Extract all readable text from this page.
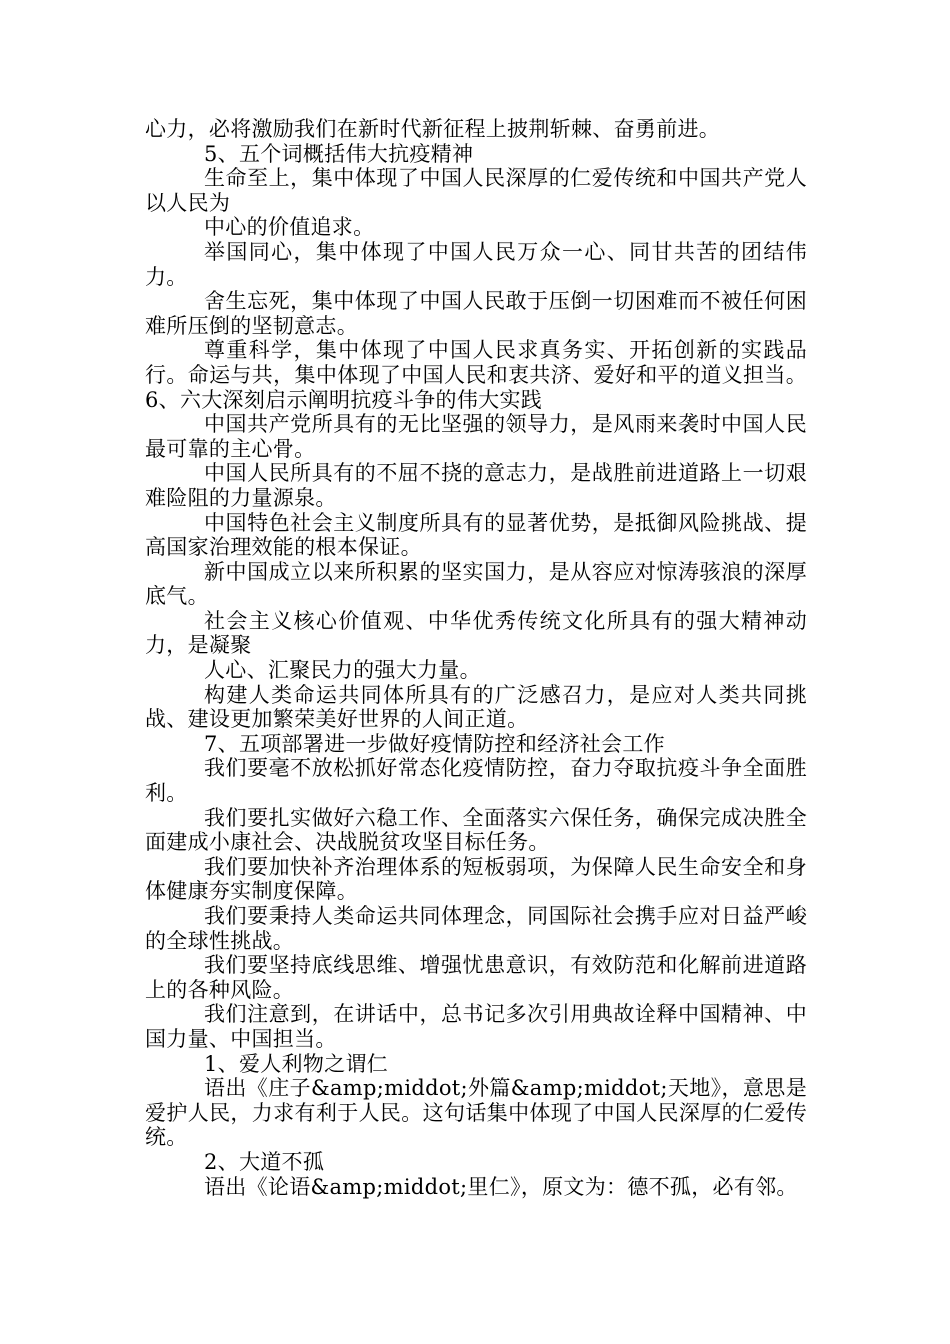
心力，必将激励我们在新时代新征程上披荆斩棘、奋勇前进。

5、五个词概括伟大抗疫精神

生命至上，集中体现了中国人民深厚的仁爱传统和中国共产党人以人民为

中心的价值追求。

举国同心，集中体现了中国人民万众一心、同甘共苦的团结伟力。

舍生忘死，集中体现了中国人民敢于压倒一切困难而不被任何困难所压倒的坚韧意志。

尊重科学，集中体现了中国人民求真务实、开拓创新的实践品行。命运与共，集中体现了中国人民和衷共济、爱好和平的道义担当。6、六大深刻启示阐明抗疫斗争的伟大实践

中国共产党所具有的无比坚强的领导力，是风雨来袭时中国人民最可靠的主心骨。

中国人民所具有的不屈不挠的意志力，是战胜前进道路上一切艰难险阻的力量源泉。

中国特色社会主义制度所具有的显著优势，是抵御风险挑战、提高国家治理效能的根本保证。

新中国成立以来所积累的坚实国力，是从容应对惊涛骇浪的深厚底气。

社会主义核心价值观、中华优秀传统文化所具有的强大精神动力，是凝聚

人心、汇聚民力的强大力量。

构建人类命运共同体所具有的广泛感召力，是应对人类共同挑战、建设更加繁荣美好世界的人间正道。

7、五项部署进一步做好疫情防控和经济社会工作

我们要毫不放松抓好常态化疫情防控，奋力夺取抗疫斗争全面胜利。

我们要扎实做好六稳工作、全面落实六保任务，确保完成决胜全面建成小康社会、决战脱贫攻坚目标任务。

我们要加快补齐治理体系的短板弱项，为保障人民生命安全和身体健康夯实制度保障。

我们要秉持人类命运共同体理念，同国际社会携手应对日益严峻的全球性挑战。

我们要坚持底线思维、增强忧患意识，有效防范和化解前进道路上的各种风险。

我们注意到，在讲话中，总书记多次引用典故诠释中国精神、中国力量、中国担当。

1、爱人利物之谓仁

语出《庄子&amp;middot;外篇&amp;middot;天地》，意思是爱护人民，力求有利于人民。这句话集中体现了中国人民深厚的仁爱传统。

2、大道不孤

语出《论语&amp;middot;里仁》，原文为：德不孤，必有邻。
